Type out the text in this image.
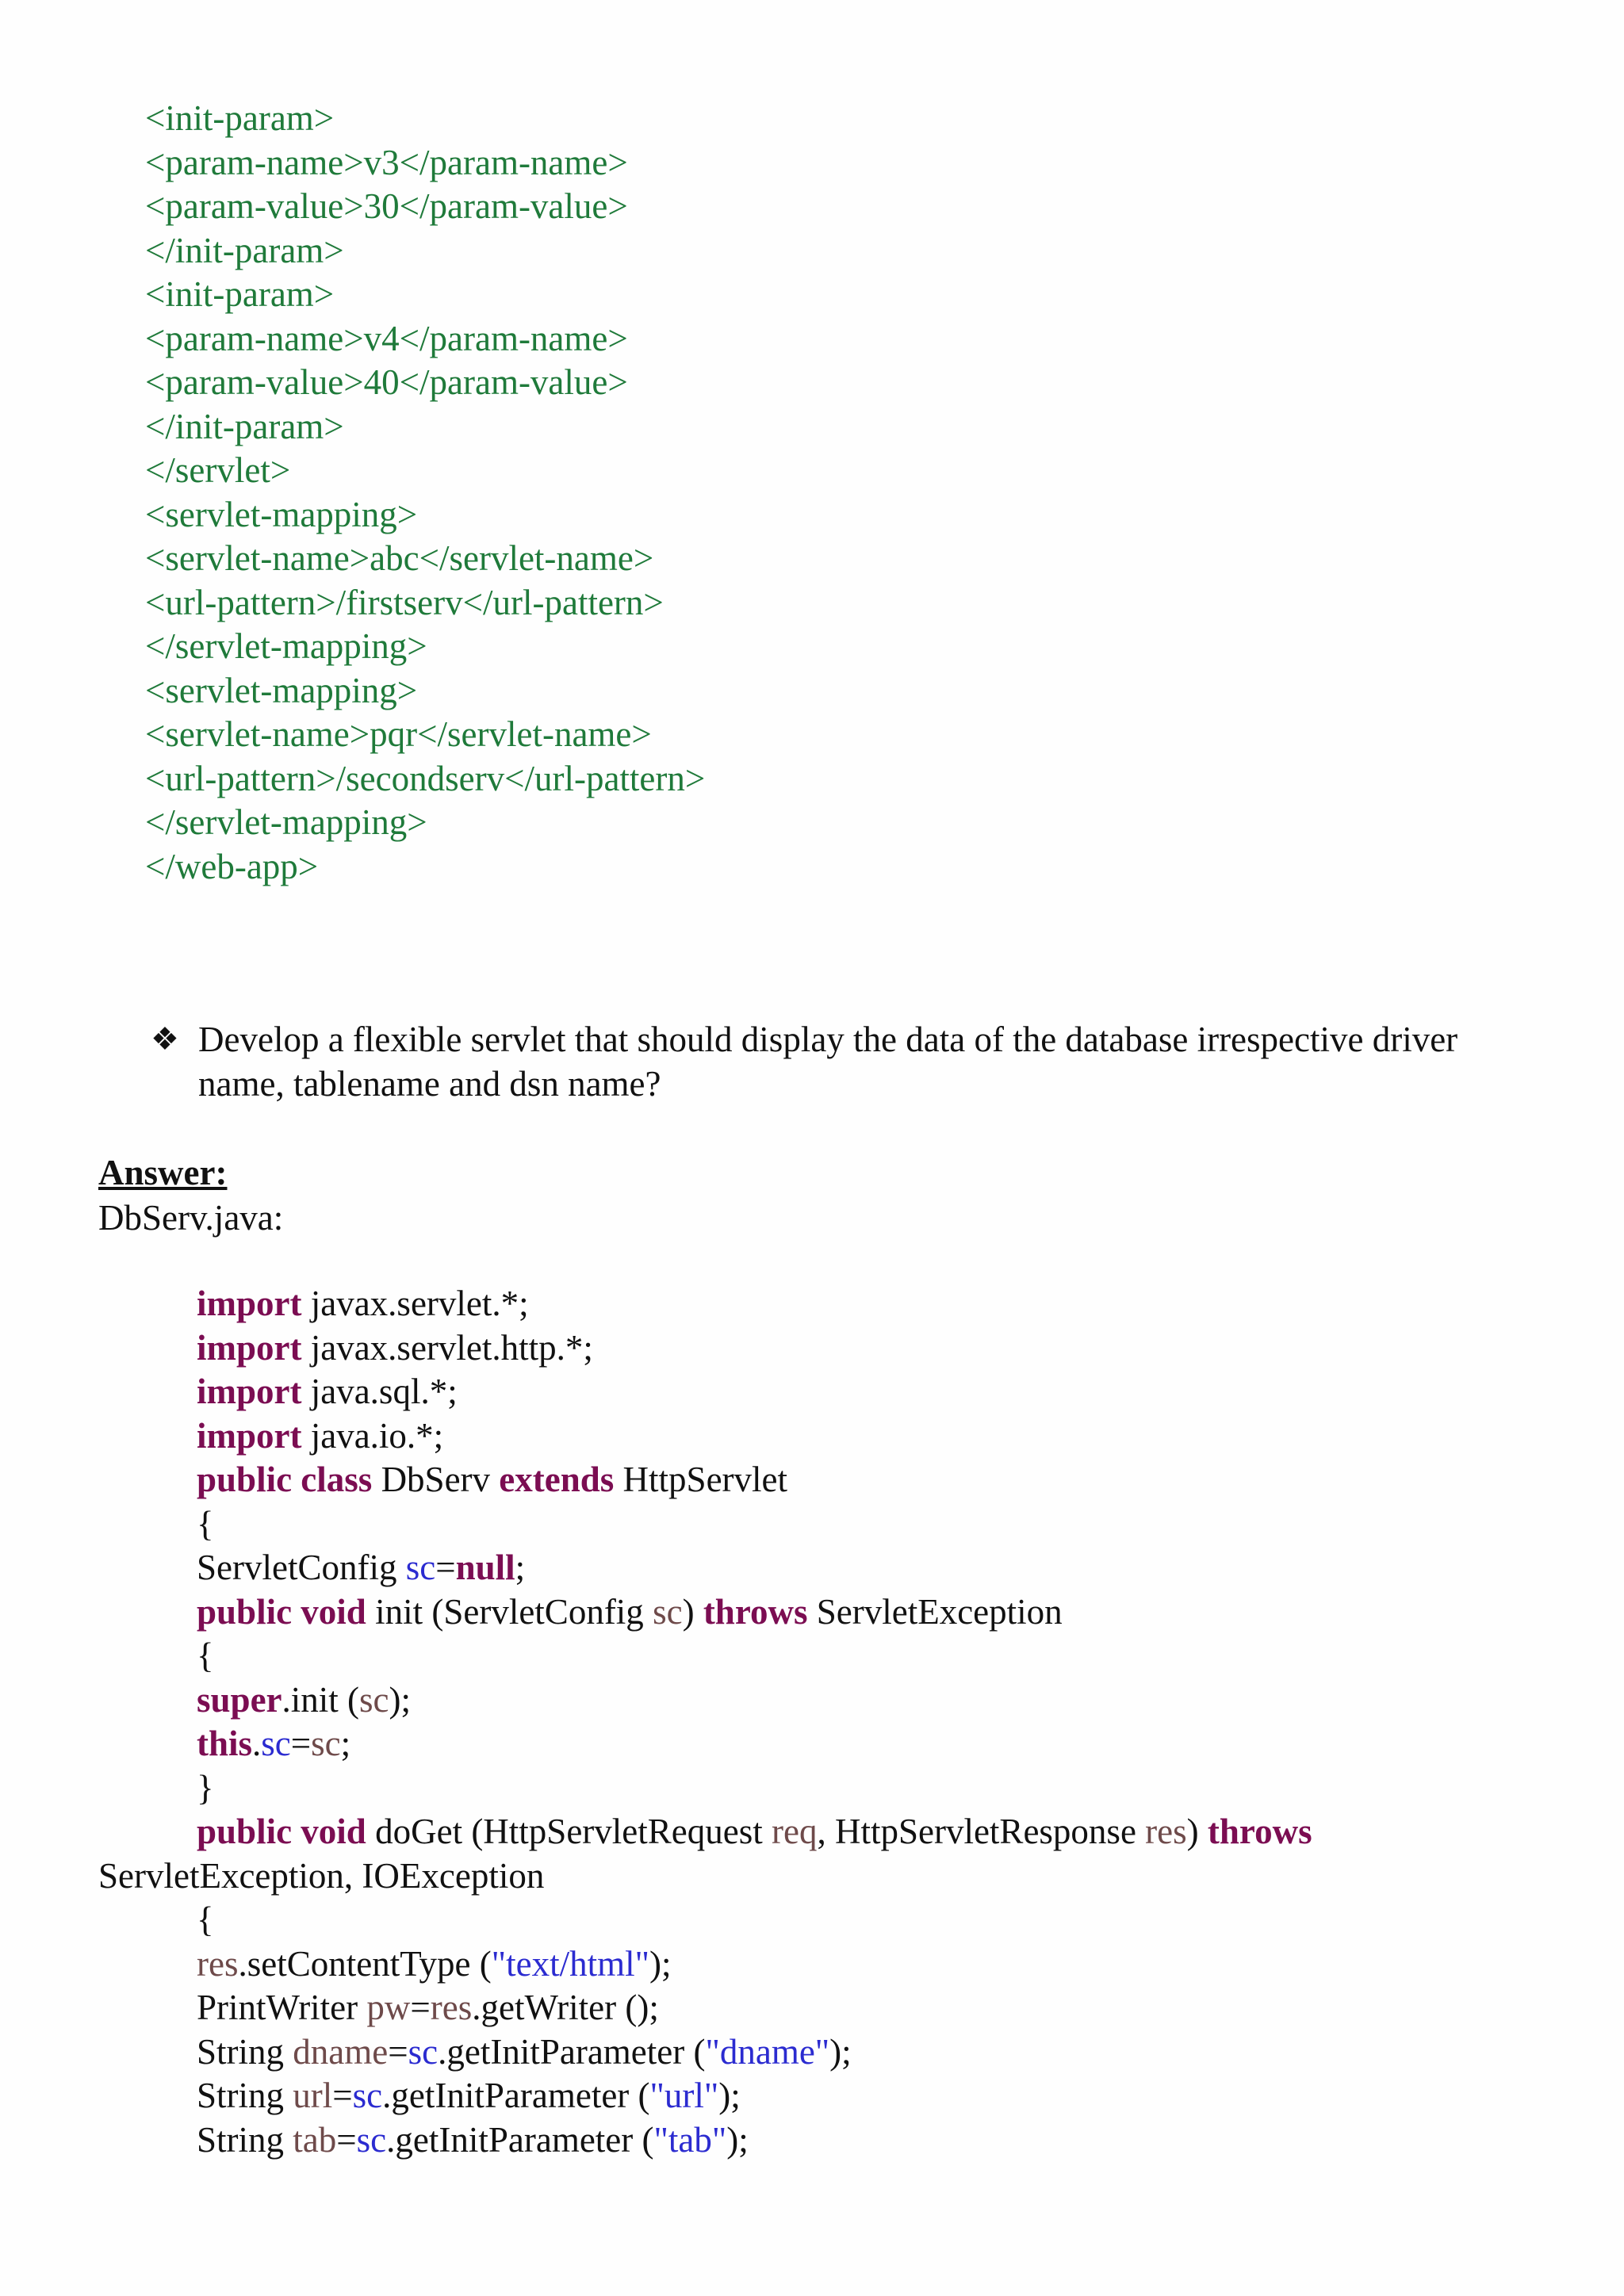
<init-param>
<param-name>v3</param-name>
<param-value>30</param-value>
</init-param>
<init-param>
<param-name>v4</param-name>
<param-value>40</param-value>
</init-param>
</servlet>
<servlet-mapping>
<servlet-name>abc</servlet-name>
<url-pattern>/firstserv</url-pattern>
</servlet-mapping>
<servlet-mapping>
<servlet-name>pqr</servlet-name>
<url-pattern>/secondserv</url-pattern>
</servlet-mapping>
</web-app>
❖ Develop a flexible servlet that should display the data of the database irrespective driver name, tablename and dsn name?
Answer:
DbServ.java:
import javax.servlet.*;
import javax.servlet.http.*;
import java.sql.*;
import java.io.*;
public class DbServ extends HttpServlet
{
ServletConfig sc=null;
public void init (ServletConfig sc) throws ServletException
{
super.init (sc);
this.sc=sc;
}
public void doGet (HttpServletRequest req, HttpServletResponse res) throws
ServletException, IOException
{
res.setContentType ("text/html");
PrintWriter pw=res.getWriter ();
String dname=sc.getInitParameter ("dname");
String url=sc.getInitParameter ("url");
String tab=sc.getInitParameter ("tab");
